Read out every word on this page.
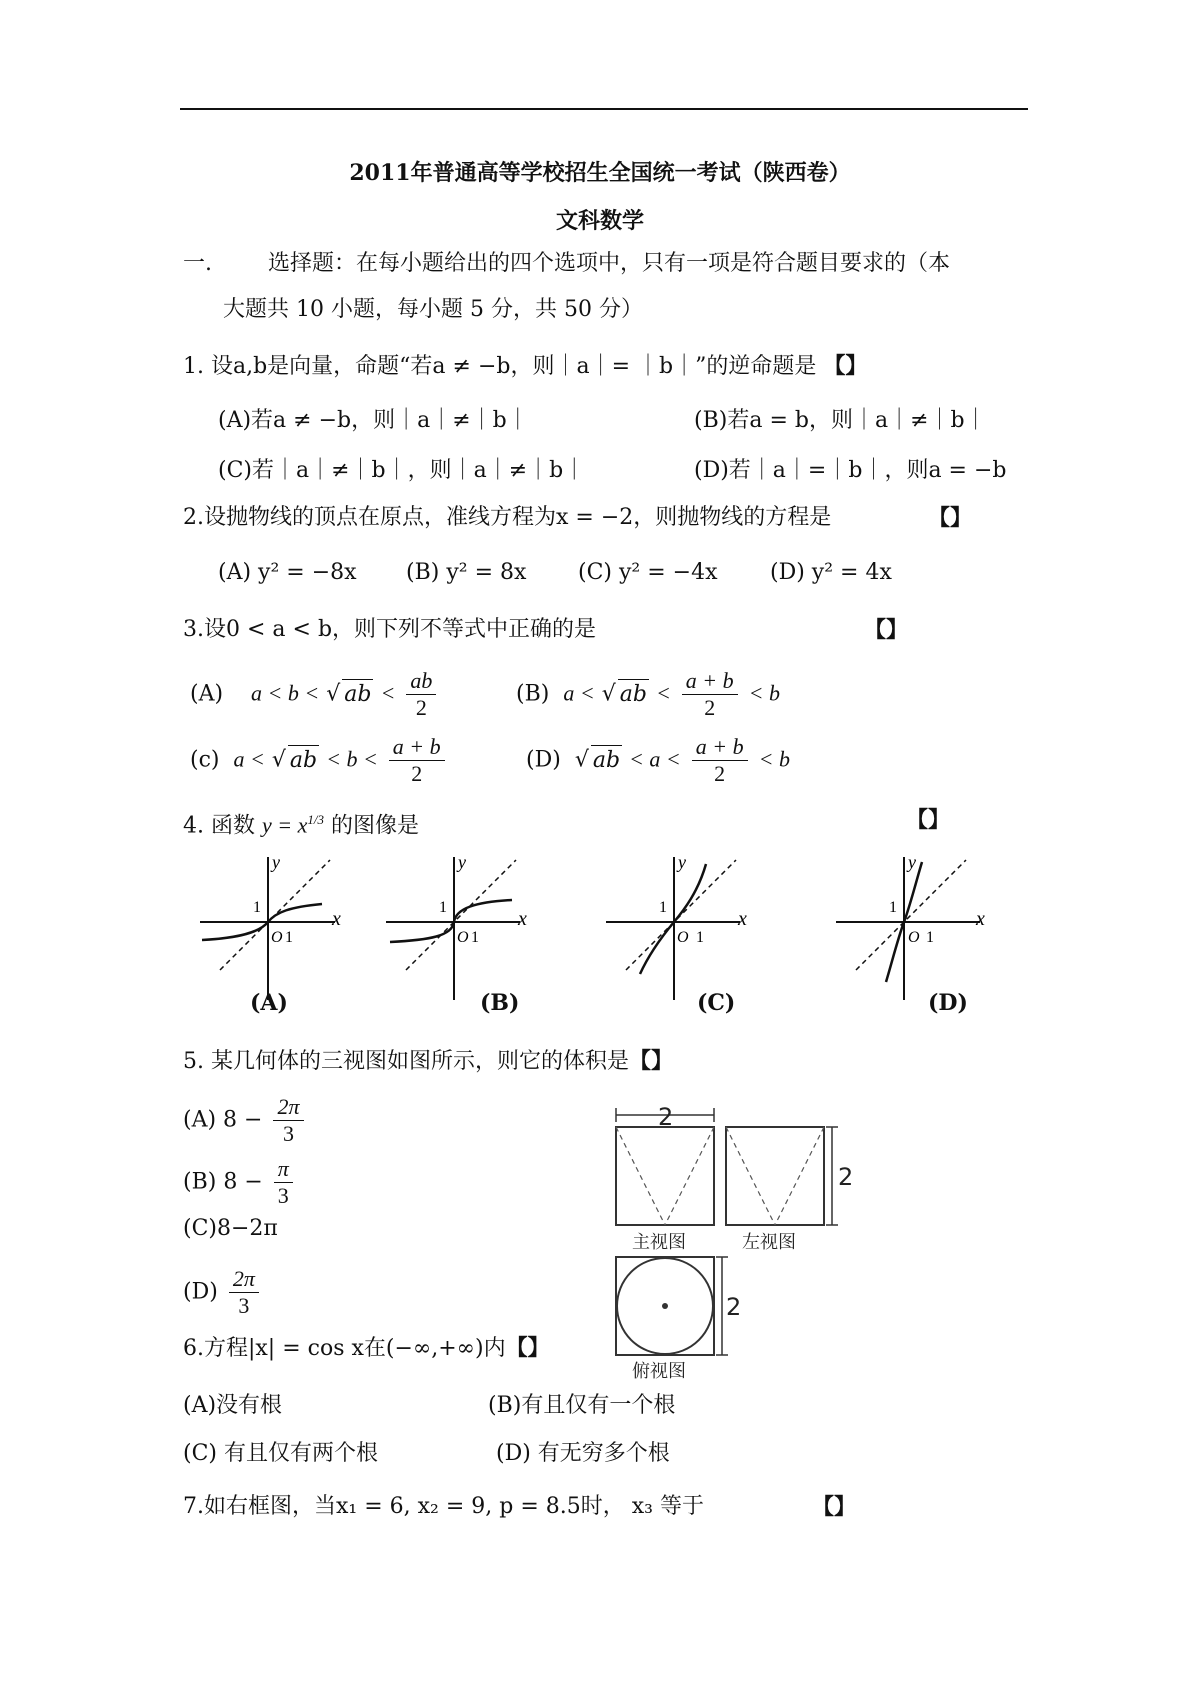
2011年普通高等学校招生全国统一考试（陕西卷）
文科数学
一.	选择题：在每小题给出的四个选项中，只有一项是符合题目要求的（本
大题共 10 小题，每小题 5 分，共 50 分）
1. 设a,b是向量，命题“若a ≠ −b，则｜a｜= ｜b｜”的逆命题是 【】
(A)若a ≠ −b，则｜a｜≠｜b｜	(B)若a = b，则｜a｜≠｜b｜
(C)若｜a｜≠｜b｜，则｜a｜≠｜b｜	(D)若｜a｜=｜b｜，则a = −b
2.设抛物线的顶点在原点，准线方程为x = −2，则抛物线的方程是	【】
(A) y² = −8x (B) y² = 8x (C) y² = −4x (D) y² = 4x
3.设0 < a < b，则下列不等式中正确的是	【】
(A) a < b < √ ab < $\frac{ab}{2}$	(B) a < √ ab < $\frac{a + b}{2} < b$
(c) a < √ ab < $b < \frac{a + b}{2}$	(D) √ ab < $a < \frac{a + b}{2} < b$
4. 函数 $y = x^{1/3}$ 的图像是	【】
x
y
1
O 1
x
y
1
O 1
x
y
1
O 1
x
y
1
O 1
(A)	(B)	(C)	(D)
5. 某几何体的三视图如图所示，则它的体积是【】
(A) $8 - \frac{2\pi}{3}$
(B) $8 - \frac{\pi}{3}$
(C)8−2π
$(D) \frac{2\pi}{3}$
2
主视图	左视图
2
2
俯视图
6.方程|x| = cos x在(−∞,+∞)内【】
(A)没有根	(B)有且仅有一个根
(C) 有且仅有两个根	(D) 有无穷多个根
7.如右框图，当x₁ = 6, x₂ = 9, p = 8.5时， x₃ 等于	【】
